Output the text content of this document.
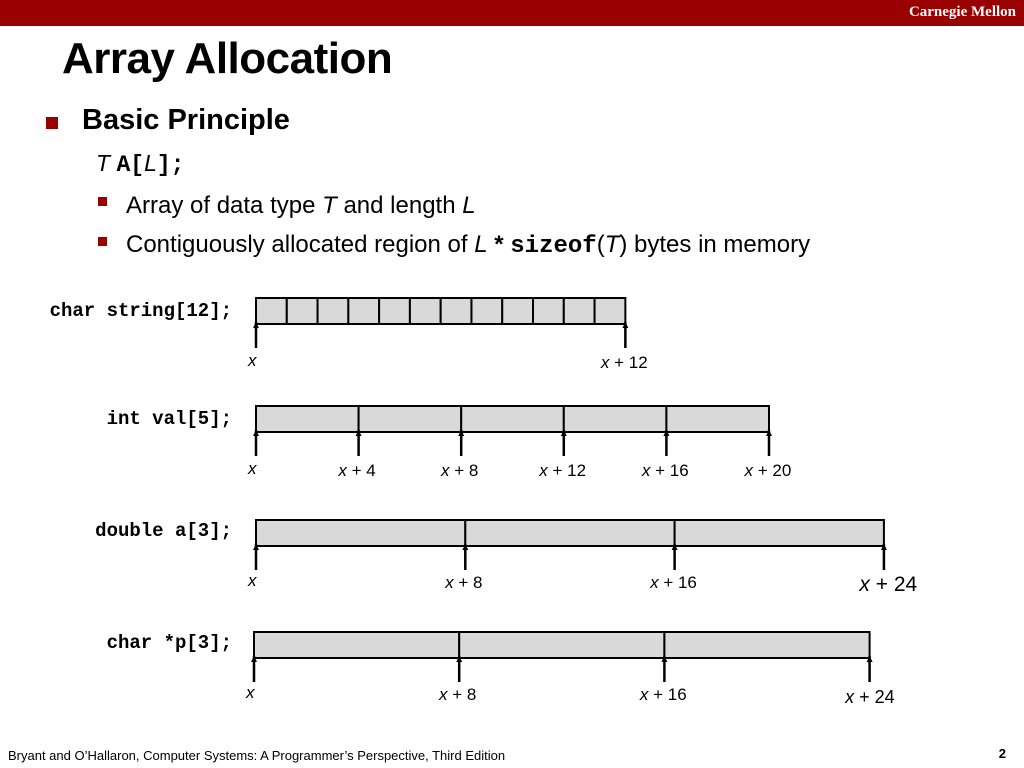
Carnegie Mellon
Array Allocation
Basic Principle
T A[L];
Array of data type T and length L
Contiguously allocated region of L * sizeof(T) bytes in memory
char string[12];
int val[5];
double a[3];
char *p[3];
x	x + 12
x	x + 4	x + 8	x + 12	x + 16	x + 20
x	x + 8	x + 16	x + 24
x	x + 8	x + 16	x + 24
Bryant and O’Hallaron, Computer Systems: A Programmer’s Perspective, Third Edition	2
